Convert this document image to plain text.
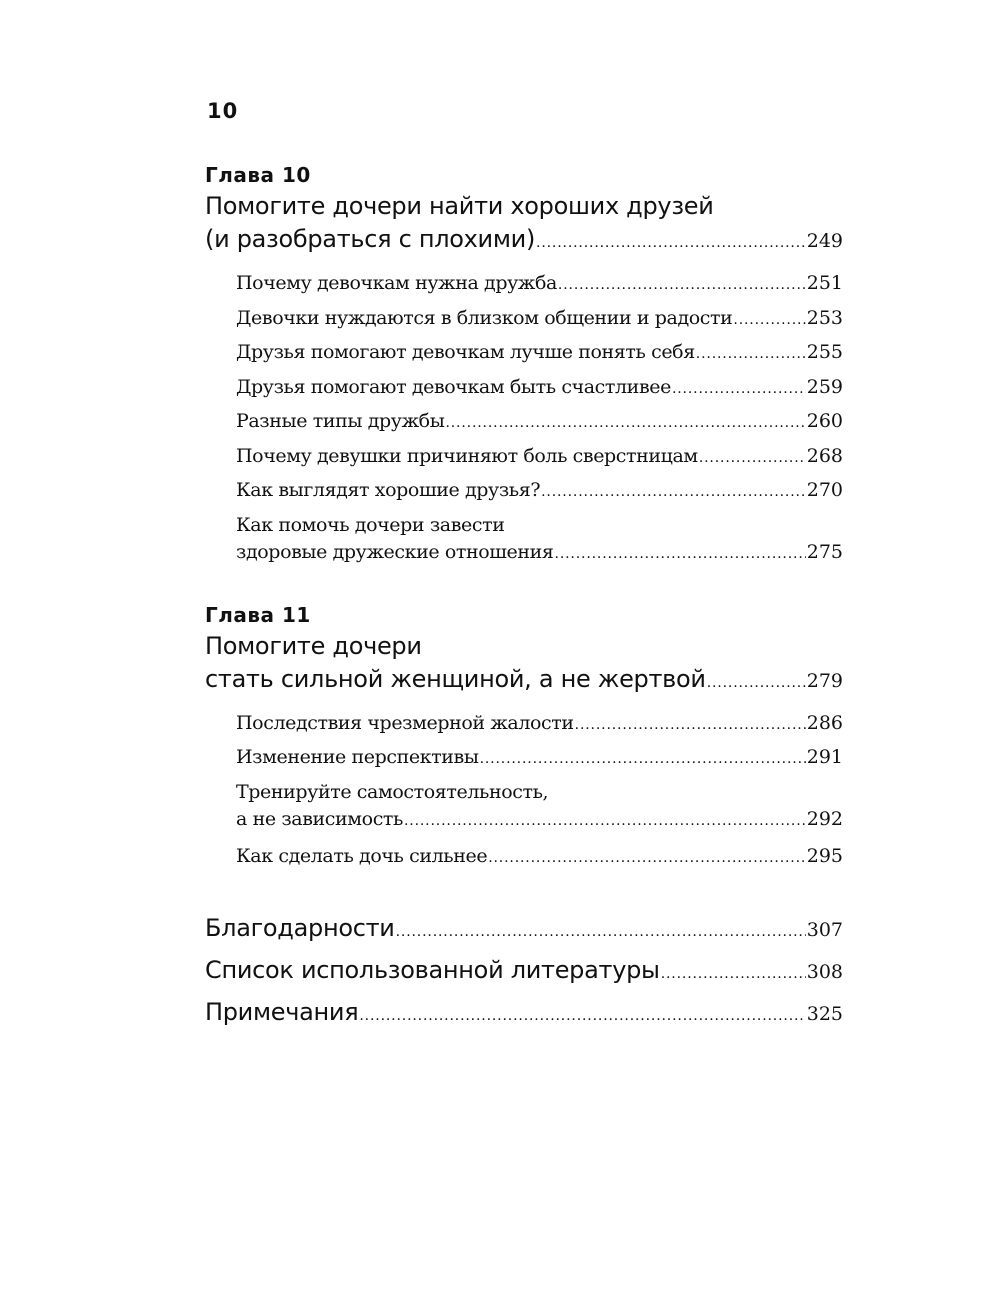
10
Глава 10
Помогите дочери найти хороших друзей
(и разобраться с плохими) . . .	249
Почему девочкам нужна дружба . . .	251
Девочки нуждаются в близком общении и радости . . .	253
Друзья помогают девочкам лучше понять себя . . .	255
Друзья помогают девочкам быть счастливее . . .	259
Разные типы дружбы . . .	260
Почему девушки причиняют боль сверстницам . . .	268
Как выглядят хорошие друзья? . . .	270
Как помочь дочери завести
здоровые дружеские отношения . . .	275
Глава 11
Помогите дочери
стать сильной женщиной, а не жертвой . . .	279
Последствия чрезмерной жалости . . .	286
Изменение перспективы . . .	291
Тренируйте самостоятельность,
а не зависимость . . .	292
Как сделать дочь сильнее . . .	295
Благодарности . . .	307
Список использованной литературы . . .	308
Примечания . . .	325
